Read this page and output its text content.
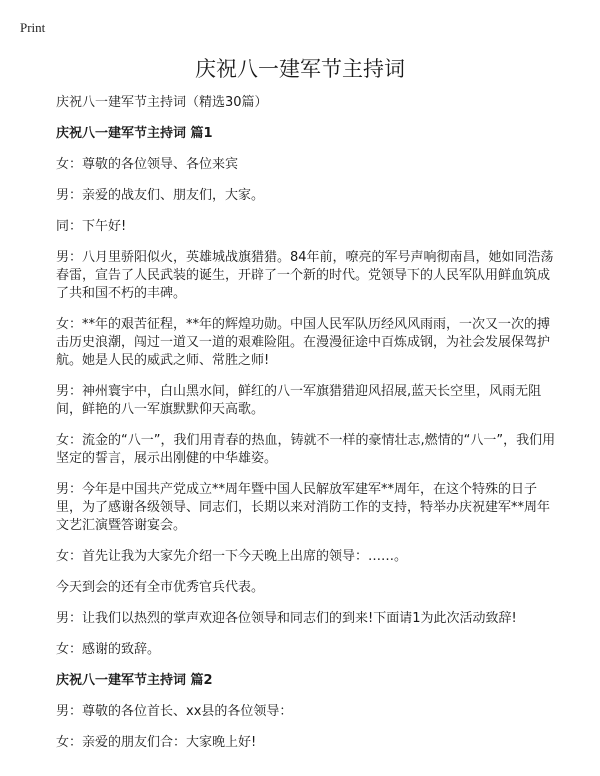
Print
庆祝八一建军节主持词

庆祝八一建军节主持词（精选30篇）

庆祝八一建军节主持词 篇1

女：尊敬的各位领导、各位来宾

男：亲爱的战友们、朋友们，大家。

同：下午好!

男：八月里骄阳似火，英雄城战旗猎猎。84年前，嘹亮的军号声响彻南昌，她如同浩荡春雷，宣告了人民武装的诞生，开辟了一个新的时代。党领导下的人民军队用鲜血筑成了共和国不朽的丰碑。

女：**年的艰苦征程，**年的辉煌功勋。中国人民军队历经风风雨雨，一次又一次的搏击历史浪潮，闯过一道又一道的艰难险阻。在漫漫征途中百炼成钢，为社会发展保驾护航。她是人民的威武之师、常胜之师!

男：神州寰宇中，白山黑水间，鲜红的八一军旗猎猎迎风招展,蓝天长空里，风雨无阻间，鲜艳的八一军旗默默仰天高歌。

女：流金的“八一”，我们用青春的热血，铸就不一样的豪情壮志,燃情的“八一”，我们用坚定的誓言，展示出刚健的中华雄姿。

男：今年是中国共产党成立**周年暨中国人民解放军建军**周年，在这个特殊的日子里，为了感谢各级领导、同志们，长期以来对消防工作的支持，特举办庆祝建军**周年文艺汇演暨答谢宴会。

女：首先让我为大家先介绍一下今天晚上出席的领导：……。

今天到会的还有全市优秀官兵代表。

男：让我们以热烈的掌声欢迎各位领导和同志们的到来!下面请1为此次活动致辞!

女：感谢的致辞。

庆祝八一建军节主持词 篇2

男：尊敬的各位首长、xx县的各位领导：

女：亲爱的朋友们合：大家晚上好!
